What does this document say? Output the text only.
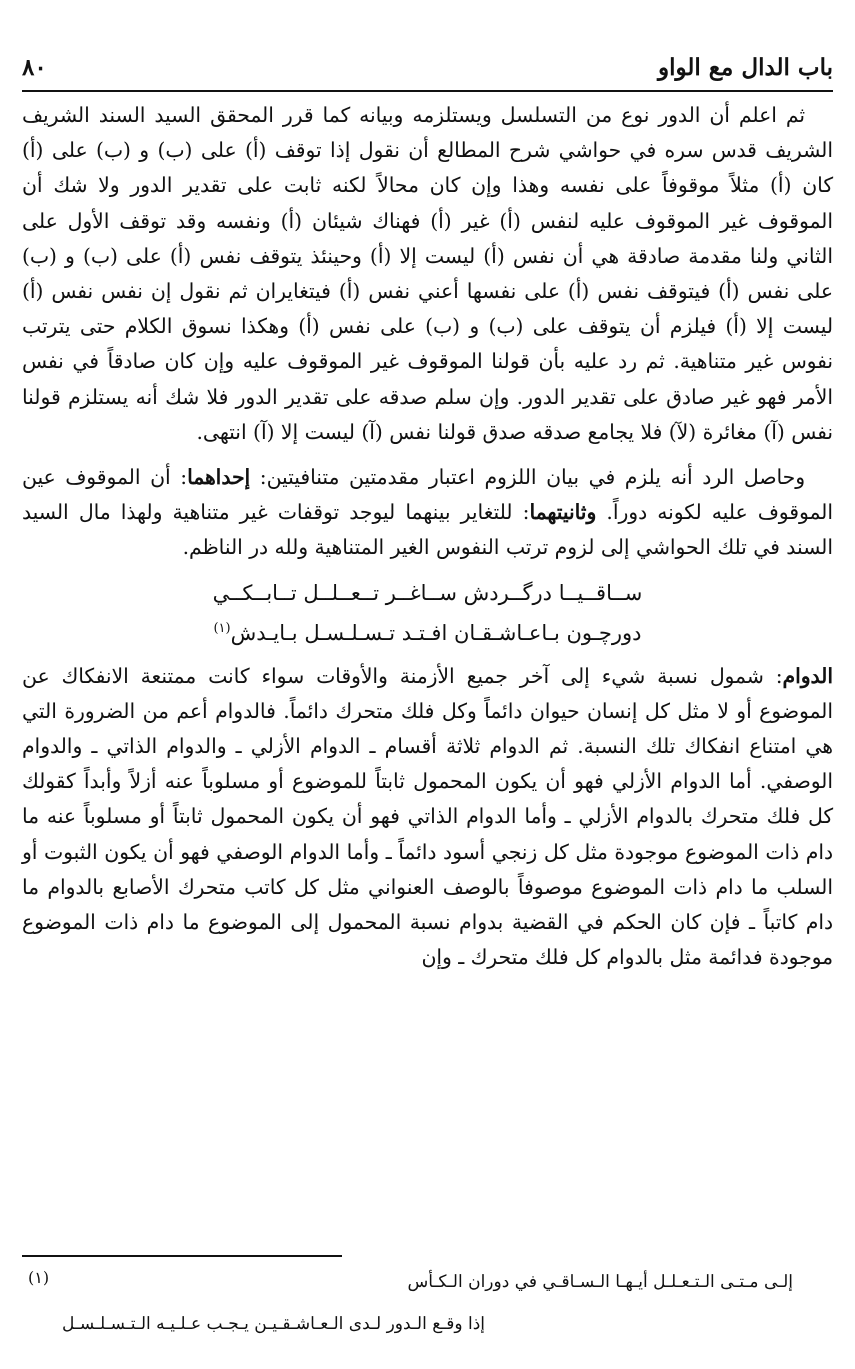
باب الدال مع الواو
٨٠

ثم اعلم أن الدور نوع من التسلسل ويستلزمه وبيانه كما قرر المحقق السيد السند الشريف الشريف قدس سره في حواشي شرح المطالع أن نقول إذا توقف (أ) على (ب) و (ب) على (أ) كان (أ) مثلاً موقوفاً على نفسه وهذا وإن كان محالاً لكنه ثابت على تقدير الدور ولا شك أن الموقوف غير الموقوف عليه لنفس (أ) غير (أ) فهناك شيئان (أ) ونفسه وقد توقف الأول على الثاني ولنا مقدمة صادقة هي أن نفس (أ) ليست إلا (أ) وحينئذ يتوقف نفس (أ) على (ب) و (ب) على نفس (أ) فيتوقف نفس (أ) على نفسها أعني نفس (أ) فيتغايران ثم نقول إن نفس نفس (أ) ليست إلا (أ) فيلزم أن يتوقف على (ب) و (ب) على نفس (أ) وهكذا نسوق الكلام حتى يترتب نفوس غير متناهية. ثم رد عليه بأن قولنا الموقوف غير الموقوف عليه وإن كان صادقاً في نفس الأمر فهو غير صادق على تقدير الدور. وإن سلم صدقه على تقدير الدور فلا شك أنه يستلزم قولنا نفس (آ) مغائرة (لآ) فلا يجامع صدقه صدق قولنا نفس (آ) ليست إلا (آ) انتهى.

وحاصل الرد أنه يلزم في بيان اللزوم اعتبار مقدمتين متنافيتين: إحداهما: أن الموقوف عين الموقوف عليه لكونه دوراً. وثانيتهما: للتغاير بينهما ليوجد توقفات غير متناهية ولهذا مال السيد السند في تلك الحواشي إلى لزوم ترتب النفوس الغير المتناهية ولله در الناظم.

ســاقــيــا درگــردش ســاغــر تــعــلــل تــابــكــي
دورچـون بـاعـاشـقـان افـتـد تـسـلـسـل بـايـدش$^{(١)}$

الدوام: شمول نسبة شيء إلى آخر جميع الأزمنة والأوقات سواء كانت ممتنعة الانفكاك عن الموضوع أو لا مثل كل إنسان حيوان دائماً وكل فلك متحرك دائماً. فالدوام أعم من الضرورة التي هي امتناع انفكاك تلك النسبة. ثم الدوام ثلاثة أقسام ـ الدوام الأزلي ـ والدوام الذاتي ـ والدوام الوصفي. أما الدوام الأزلي فهو أن يكون المحمول ثابتاً للموضوع أو مسلوباً عنه أزلاً وأبداً كقولك كل فلك متحرك بالدوام الأزلي ـ وأما الدوام الذاتي فهو أن يكون المحمول ثابتاً أو مسلوباً عنه ما دام ذات الموضوع موجودة مثل كل زنجي أسود دائماً ـ وأما الدوام الوصفي فهو أن يكون الثبوت أو السلب ما دام ذات الموضوع موصوفاً بالوصف العنواني مثل كل كاتب متحرك الأصابع بالدوام ما دام كاتباً ـ فإن كان الحكم في القضية بدوام نسبة المحمول إلى الموضوع ما دام ذات الموضوع موجودة فدائمة مثل بالدوام كل فلك متحرك ـ وإن

(١)	إلـى مـتـى الـتـعـلـل أيـهـا الـسـاقـي في دوران الـكـأس
إذا وقـع الـدور لـدى الـعـاشـقـيـن يـجـب عـلـيـه الـتـسـلـسـل
